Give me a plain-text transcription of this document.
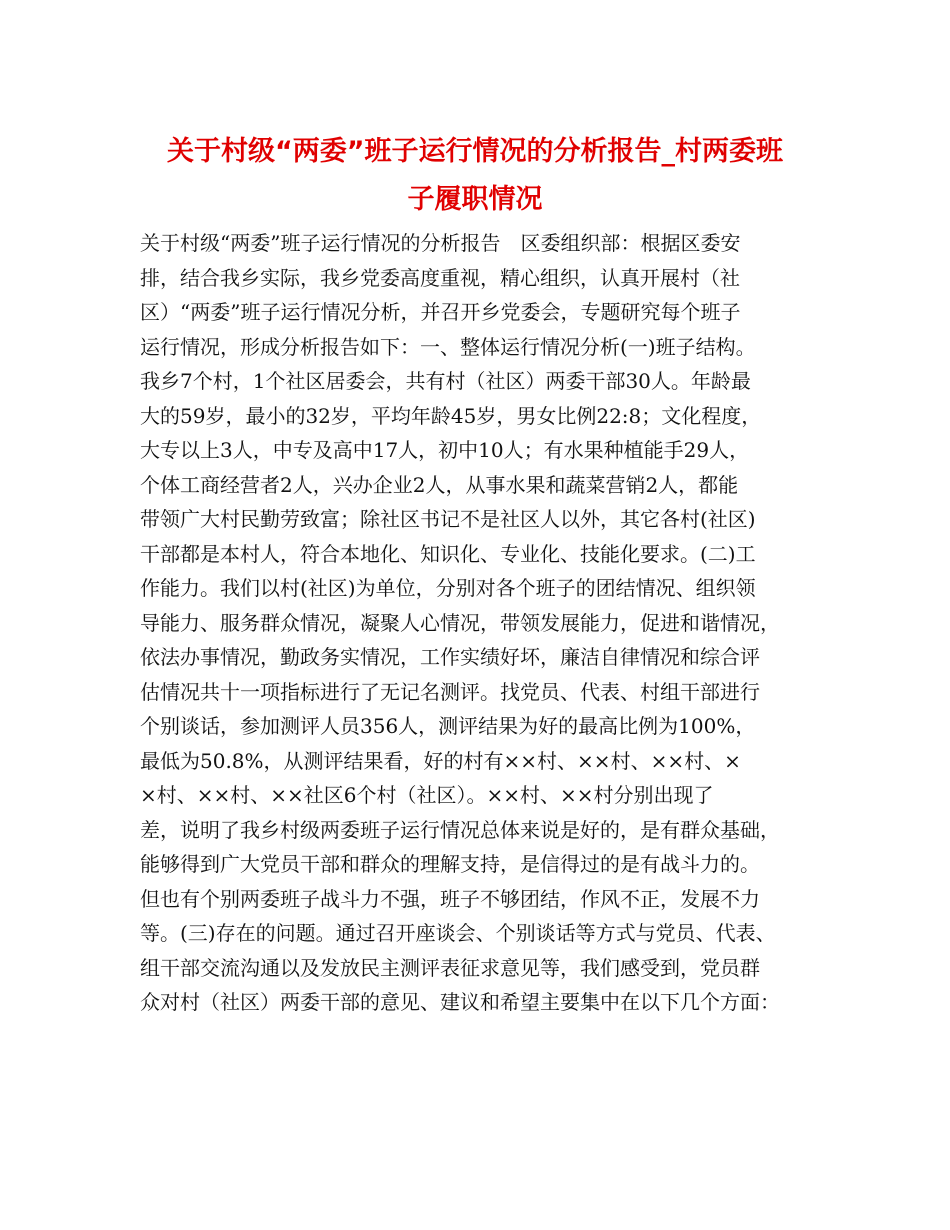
关于村级“两委”班子运行情况的分析报告_村两委班
子履职情况
关于村级“两委”班子运行情况的分析报告　区委组织部：根据区委安
排，结合我乡实际，我乡党委高度重视，精心组织，认真开展村（社
区）“两委”班子运行情况分析，并召开乡党委会，专题研究每个班子
运行情况，形成分析报告如下：一、整体运行情况分析(一)班子结构。
我乡7个村，1个社区居委会，共有村（社区）两委干部30人。年龄最
大的59岁，最小的32岁，平均年龄45岁，男女比例22:8；文化程度，
大专以上3人，中专及高中17人，初中10人；有水果种植能手29人，
个体工商经营者2人，兴办企业2人，从事水果和蔬菜营销2人，都能
带领广大村民勤劳致富；除社区书记不是社区人以外，其它各村(社区)
干部都是本村人，符合本地化、知识化、专业化、技能化要求。(二)工
作能力。我们以村(社区)为单位，分别对各个班子的团结情况、组织领
导能力、服务群众情况，凝聚人心情况，带领发展能力，促进和谐情况，
依法办事情况，勤政务实情况，工作实绩好坏，廉洁自律情况和综合评
估情况共十一项指标进行了无记名测评。找党员、代表、村组干部进行
个别谈话，参加测评人员356人，测评结果为好的最高比例为100%，
最低为50.8%，从测评结果看，好的村有××村、××村、××村、×
×村、××村、××社区6个村（社区）。××村、××村分别出现了
差，说明了我乡村级两委班子运行情况总体来说是好的，是有群众基础，
能够得到广大党员干部和群众的理解支持，是信得过的是有战斗力的。
但也有个别两委班子战斗力不强，班子不够团结，作风不正，发展不力
等。(三)存在的问题。通过召开座谈会、个别谈话等方式与党员、代表、
组干部交流沟通以及发放民主测评表征求意见等，我们感受到，党员群
众对村（社区）两委干部的意见、建议和希望主要集中在以下几个方面：
